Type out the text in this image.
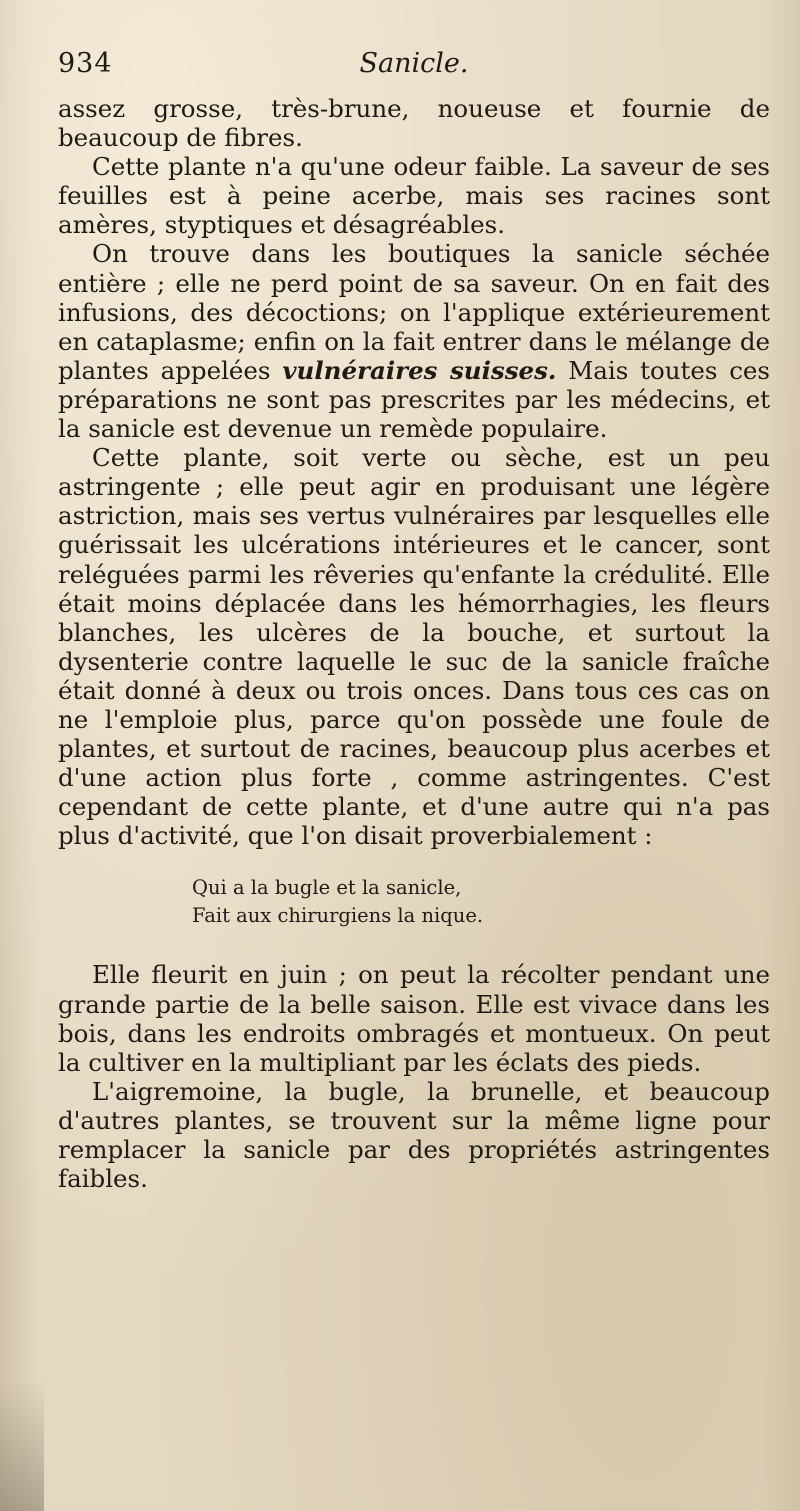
934	Sanicle.

assez grosse, très-brune, noueuse et fournie de beaucoup de fibres.

Cette plante n'a qu'une odeur faible. La saveur de ses feuilles est à peine acerbe, mais ses racines sont amères, styptiques et désagréables.

On trouve dans les boutiques la sanicle séchée entière ; elle ne perd point de sa saveur. On en fait des infusions, des décoctions; on l'applique extérieurement en cataplasme; enfin on la fait entrer dans le mélange de plantes appelées vulnéraires suisses. Mais toutes ces préparations ne sont pas prescrites par les médecins, et la sanicle est devenue un remède populaire.

Cette plante, soit verte ou sèche, est un peu astringente ; elle peut agir en produisant une légère astriction, mais ses vertus vulnéraires par lesquelles elle guérissait les ulcérations intérieures et le cancer, sont reléguées parmi les rêveries qu'enfante la crédulité. Elle était moins déplacée dans les hémorrhagies, les fleurs blanches, les ulcères de la bouche, et surtout la dysenterie contre laquelle le suc de la sanicle fraîche était donné à deux ou trois onces. Dans tous ces cas on ne l'emploie plus, parce qu'on possède une foule de plantes, et surtout de racines, beaucoup plus acerbes et d'une action plus forte , comme astringentes. C'est cependant de cette plante, et d'une autre qui n'a pas plus d'activité, que l'on disait proverbialement :

Qui a la bugle et la sanicle,
Fait aux chirurgiens la nique.

Elle fleurit en juin ; on peut la récolter pendant une grande partie de la belle saison. Elle est vivace dans les bois, dans les endroits ombragés et montueux. On peut la cultiver en la multipliant par les éclats des pieds.

L'aigremoine, la bugle, la brunelle, et beaucoup d'autres plantes, se trouvent sur la même ligne pour remplacer la sanicle par des propriétés astringentes faibles.
